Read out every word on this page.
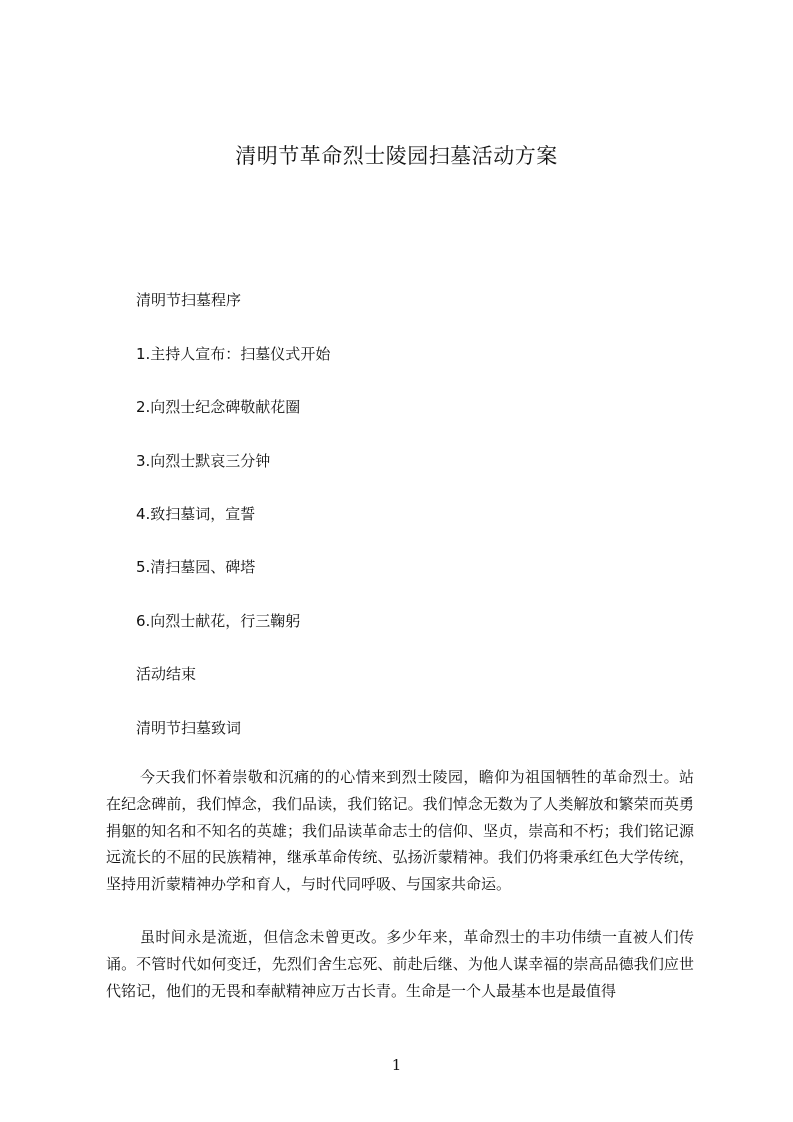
清明节革命烈士陵园扫墓活动方案
清明节扫墓程序
1.主持人宣布：扫墓仪式开始
2.向烈士纪念碑敬献花圈
3.向烈士默哀三分钟
4.致扫墓词，宣誓
5.清扫墓园、碑塔
6.向烈士献花，行三鞠躬
活动结束
清明节扫墓致词

今天我们怀着崇敬和沉痛的的心情来到烈士陵园，瞻仰为祖国牺牲的革命烈士。站在纪念碑前，我们悼念，我们品读，我们铭记。我们悼念无数为了人类解放和繁荣而英勇捐躯的知名和不知名的英雄；我们品读革命志士的信仰、坚贞，崇高和不朽；我们铭记源远流长的不屈的民族精神，继承革命传统、弘扬沂蒙精神。我们仍将秉承红色大学传统，坚持用沂蒙精神办学和育人，与时代同呼吸、与国家共命运。

虽时间永是流逝，但信念未曾更改。多少年来，革命烈士的丰功伟绩一直被人们传诵。不管时代如何变迁，先烈们舍生忘死、前赴后继、为他人谋幸福的崇高品德我们应世代铭记，他们的无畏和奉献精神应万古长青。生命是一个人最基本也是最值得

1
